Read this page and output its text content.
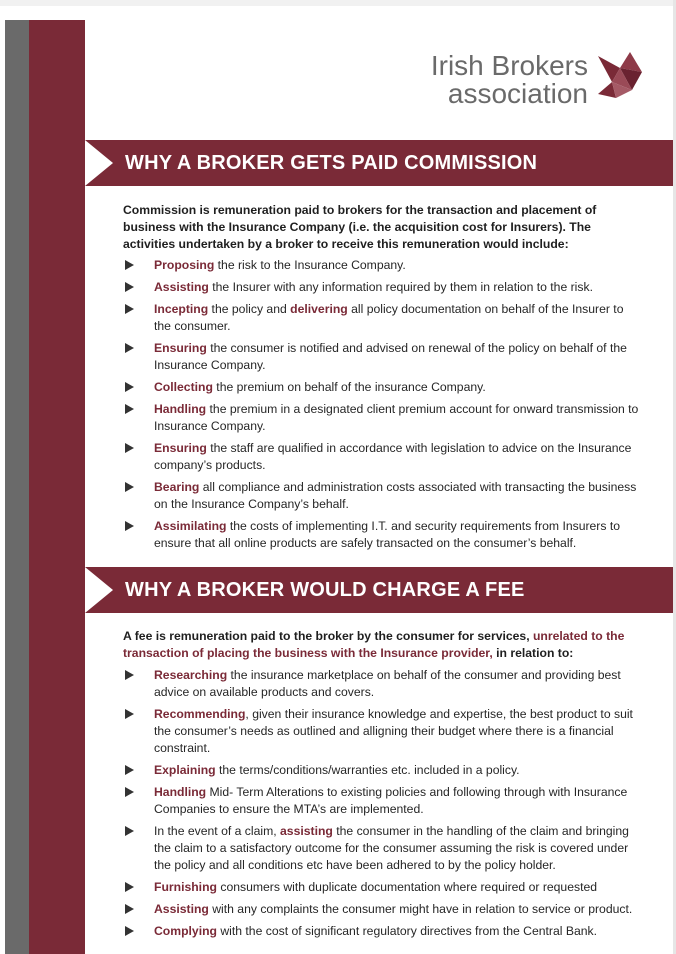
Irish Brokers
association
WHY A BROKER GETS PAID COMMISSION
Commission is remuneration paid to brokers for the transaction and placement of business with the Insurance Company (i.e. the acquisition cost for Insurers). The activities undertaken by a broker to receive this remuneration would include:
Proposing the risk to the Insurance Company.
Assisting the Insurer with any information required by them in relation to the risk.
Incepting the policy and delivering all policy documentation on behalf of the Insurer to the consumer.
Ensuring the consumer is notified and advised on renewal of the policy on behalf of the Insurance Company.
Collecting the premium on behalf of the insurance Company.
Handling the premium in a designated client premium account for onward transmission to Insurance Company.
Ensuring the staff are qualified in accordance with legislation to advice on the Insurance company’s products.
Bearing all compliance and administration costs associated with transacting the business on the Insurance Company’s behalf.
Assimilating the costs of implementing I.T. and security requirements from Insurers to ensure that all online products are safely transacted on the consumer’s behalf.
WHY A BROKER WOULD CHARGE A FEE
A fee is remuneration paid to the broker by the consumer for services, unrelated to the transaction of placing the business with the Insurance provider, in relation to:
Researching the insurance marketplace on behalf of the consumer and providing best advice on available products and covers.
Recommending, given their insurance knowledge and expertise, the best product to suit the consumer’s needs as outlined and alligning their budget where there is a financial constraint.
Explaining the terms/conditions/warranties etc. included in a policy.
Handling Mid- Term Alterations to existing policies and following through with Insurance Companies to ensure the MTA’s are implemented.
In the event of a claim, assisting the consumer in the handling of the claim and bringing the claim to a satisfactory outcome for the consumer assuming the risk is covered under the policy and all conditions etc have been adhered to by the policy holder.
Furnishing consumers with duplicate documentation where required or requested
Assisting with any complaints the consumer might have in relation to service or product.
Complying with the cost of significant regulatory directives from the Central Bank.
